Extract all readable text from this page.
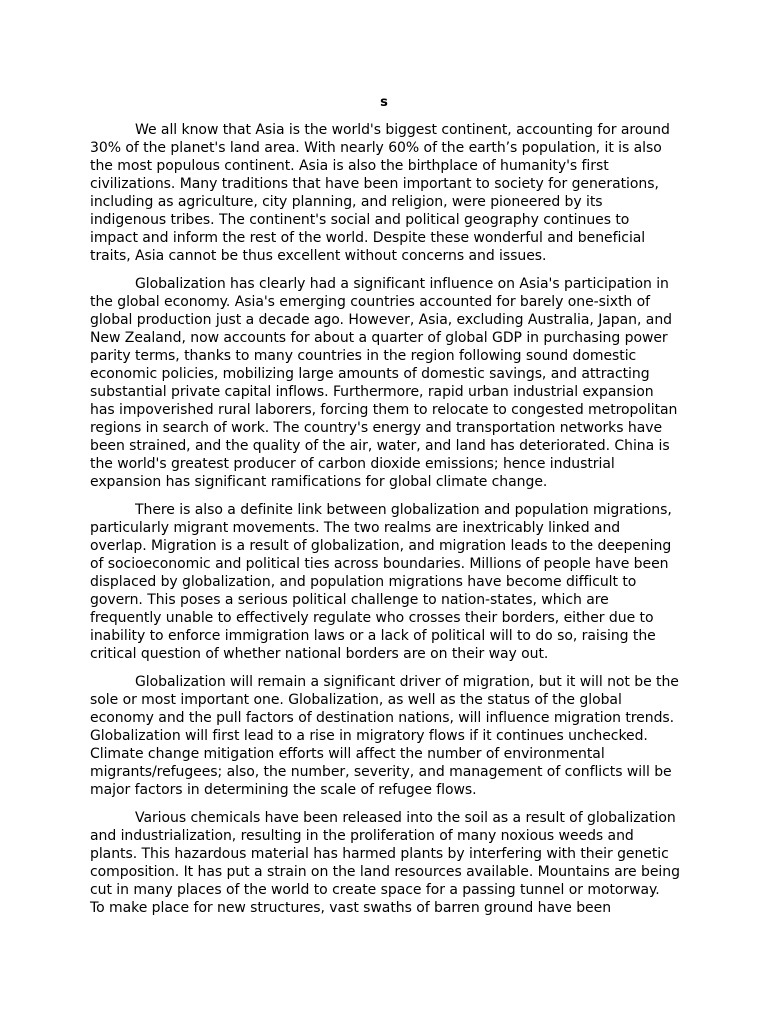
s

We all know that Asia is the world's biggest continent, accounting for around
30% of the planet's land area. With nearly 60% of the earth’s population, it is also
the most populous continent. Asia is also the birthplace of humanity's first
civilizations. Many traditions that have been important to society for generations,
including as agriculture, city planning, and religion, were pioneered by its
indigenous tribes. The continent's social and political geography continues to
impact and inform the rest of the world. Despite these wonderful and beneficial
traits, Asia cannot be thus excellent without concerns and issues.

Globalization has clearly had a significant influence on Asia's participation in
the global economy. Asia's emerging countries accounted for barely one-sixth of
global production just a decade ago. However, Asia, excluding Australia, Japan, and
New Zealand, now accounts for about a quarter of global GDP in purchasing power
parity terms, thanks to many countries in the region following sound domestic
economic policies, mobilizing large amounts of domestic savings, and attracting
substantial private capital inflows. Furthermore, rapid urban industrial expansion
has impoverished rural laborers, forcing them to relocate to congested metropolitan
regions in search of work. The country's energy and transportation networks have
been strained, and the quality of the air, water, and land has deteriorated. China is
the world's greatest producer of carbon dioxide emissions; hence industrial
expansion has significant ramifications for global climate change.

There is also a definite link between globalization and population migrations,
particularly migrant movements. The two realms are inextricably linked and
overlap. Migration is a result of globalization, and migration leads to the deepening
of socioeconomic and political ties across boundaries. Millions of people have been
displaced by globalization, and population migrations have become difficult to
govern. This poses a serious political challenge to nation-states, which are
frequently unable to effectively regulate who crosses their borders, either due to
inability to enforce immigration laws or a lack of political will to do so, raising the
critical question of whether national borders are on their way out.

Globalization will remain a significant driver of migration, but it will not be the
sole or most important one. Globalization, as well as the status of the global
economy and the pull factors of destination nations, will influence migration trends.
Globalization will first lead to a rise in migratory flows if it continues unchecked.
Climate change mitigation efforts will affect the number of environmental
migrants/refugees; also, the number, severity, and management of conflicts will be
major factors in determining the scale of refugee flows.

Various chemicals have been released into the soil as a result of globalization
and industrialization, resulting in the proliferation of many noxious weeds and
plants. This hazardous material has harmed plants by interfering with their genetic
composition. It has put a strain on the land resources available. Mountains are being
cut in many places of the world to create space for a passing tunnel or motorway.
To make place for new structures, vast swaths of barren ground have been
